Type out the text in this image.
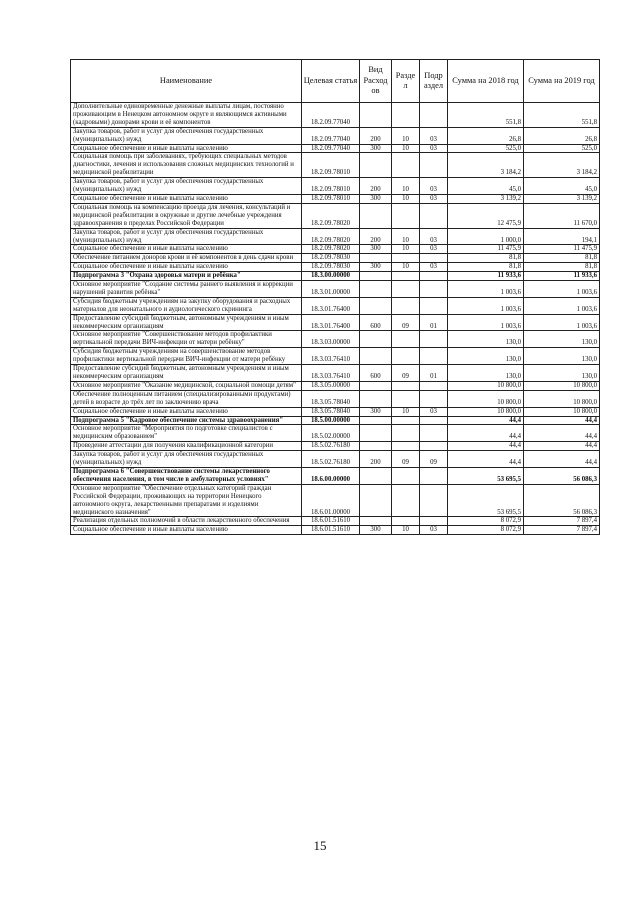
Наименование	Целевая статья	Вид Расход ов	Разде л	Подр аздел	Сумма на 2018 год	Сумма на 2019 год
Дополнительные единовременные денежные выплаты лицам, постоянно проживающим в Ненецком автономном округе и являющимся активными (кадровыми) донорами крови и её компонентов	18.2.09.77040				551,8	551,8
Закупка товаров, работ и услуг для обеспечения государственных (муниципальных) нужд	18.2.09.77040	200	10	03	26,8	26,8
Социальное обеспечение и иные выплаты населению	18.2.09.77040	300	10	03	525,0	525,0
Социальная помощь при заболеваниях, требующих специальных методов диагностики, лечения и использования сложных медицинских технологий и медицинской реабилитации	18.2.09.78010				3 184,2	3 184,2
Закупка товаров, работ и услуг для обеспечения государственных (муниципальных) нужд	18.2.09.78010	200	10	03	45,0	45,0
Социальное обеспечение и иные выплаты населению	18.2.09.78010	300	10	03	3 139,2	3 139,2
Социальная помощь на компенсацию проезда для лечения, консультаций и медицинской реабилитации в окружные и другие лечебные учреждения здравоохранения в пределах Российской Федерации	18.2.09.78020				12 475,9	11 670,0
Закупка товаров, работ и услуг для обеспечения государственных (муниципальных) нужд	18.2.09.78020	200	10	03	1 000,0	194,1
Социальное обеспечение и иные выплаты населению	18.2.09.78020	300	10	03	11 475,9	11 475,9
Обеспечение питанием доноров крови и её компонентов в день сдачи крови	18.2.09.78030				81,8	81,8
Социальное обеспечение и иные выплаты населению	18.2.09.78030	300	10	03	81,8	81,8
Подпрограмма 3 "Охрана здоровья матери и ребёнка"	18.3.00.00000				11 933,6	11 933,6
Основное мероприятие "Создание системы раннего выявления и коррекции нарушений развития ребёнка"	18.3.01.00000				1 003,6	1 003,6
Субсидия бюджетным учреждениям на закупку оборудования и расходных материалов для неонатального и аудиологического скрининга	18.3.01.76400				1 003,6	1 003,6
Предоставление субсидий бюджетным, автономным учреждениям и иным некоммерческим организациям	18.3.01.76400	600	09	01	1 003,6	1 003,6
Основное мероприятие "Совершенствование методов профилактики вертикальной передачи ВИЧ-инфекции от матери ребёнку"	18.3.03.00000				130,0	130,0
Субсидия бюджетным учреждениям на совершенствование методов профилактики вертикальной передачи ВИЧ-инфекции от матери ребёнку	18.3.03.76410				130,0	130,0
Предоставление субсидий бюджетным, автономным учреждениям и иным некоммерческим организациям	18.3.03.76410	600	09	01	130,0	130,0
Основное мероприятие "Оказание медицинской, социальной помощи детям"	18.3.05.00000				10 800,0	10 800,0
Обеспечение полноценным питанием (специализированными продуктами) детей в возрасте до трёх лет по заключению врача	18.3.05.78040				10 800,0	10 800,0
Социальное обеспечение и иные выплаты населению	18.3.05.78040	300	10	03	10 800,0	10 800,0
Подпрограмма 5 "Кадровое обеспечение системы здравоохранения"	18.5.00.00000				44,4	44,4
Основное мероприятие "Мероприятия по подготовке специалистов с медицинским образованием"	18.5.02.00000				44,4	44,4
Проведение аттестации для получения квалификационной категории	18.5.02.76180				44,4	44,4
Закупка товаров, работ и услуг для обеспечения государственных (муниципальных) нужд	18.5.02.76180	200	09	09	44,4	44,4
Подпрограмма 6 "Совершенствование системы лекарственного обеспечения населения, в том числе в амбулаторных условиях"	18.6.00.00000				53 695,5	56 086,3
Основное мероприятие "Обеспечение отдельных категорий граждан Российской Федерации, проживающих на территории Ненецкого автономного округа, лекарственными препаратами и изделиями медицинского назначения"	18.6.01.00000				53 695,5	56 086,3
Реализация отдельных полномочий в области лекарственного обеспечения	18.6.01.51610				8 072,9	7 897,4
Социальное обеспечение и иные выплаты населению	18.6.01.51610	300	10	03	8 072,9	7 897,4
15
